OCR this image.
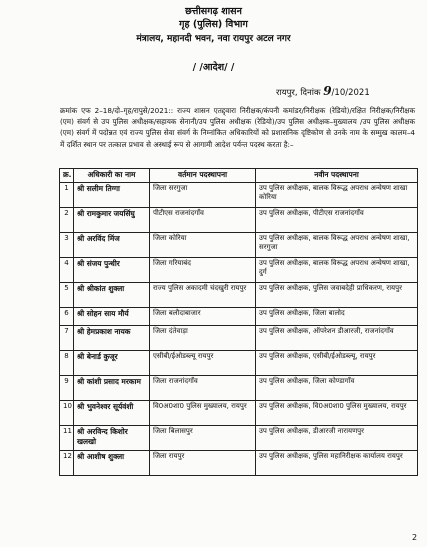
छत्तीसगढ़ शासन
गृह (पुलिस) विभाग
मंत्रालय, महानदी भवन, नवा रायपुर अटल नगर
/ /आदेश/ /
रायपुर, दिनांक 9/10/2021
क्रमांक एफ 2–18/दो–गृह/रापुसे/2021:: राज्य शासन एतद्द्वारा निरीक्षक/कंपनी कमांडर/निरीक्षक (रेडियो)/रक्षित निरीक्षक/निरीक्षक (एम) संवर्ग से उप पुलिस अधीक्षक/सहायक सेनानी/उप पुलिस अधीक्षक (रेडियो)/उप पुलिस अधीक्षक–मुख्यालय /उप पुलिस अधीक्षक (एम) संवर्ग में पदोन्नत एवं राज्य पुलिस सेवा संवर्ग के निम्नांकित अधिकारियों को प्रशासनिक दृष्टिकोण से उनके नाम के सम्मुख कालम–4 में दर्शित स्थान पर तत्काल प्रभाव से अस्थाई रूप से आगामी आदेश पर्यन्त पदस्थ करता है:–
क्र.	अधिकारी का नाम	वर्तमान पदस्थापना	नवीन पदस्थापना
1	श्री सलीम तिग्गा	जिला सरगुजा	उप पुलिस अधीक्षक, बालक विरूद्ध अपराध अन्वेषण शाखा कोरिया
2	श्री रामकुमार जयसिंघु	पीटीएस राजनांदगाँव	उप पुलिस अधीक्षक, पीटीएस राजनांदगाँव
3	श्री अरविंद मिंज	जिला कोरिया	उप पुलिस अधीक्षक, बालक विरूद्ध अपराध अन्वेषण शाखा, सरगुजा
4	श्री संजय पुन्धीर	जिला गरियाबंद	उप पुलिस अधीक्षक, बालक विरूद्ध अपराध अन्वेषण शाखा, दुर्ग
5	श्री श्रीकांत शुक्ला	राज्य पुलिस अकादमी चंदखुरी रायपुर	उप पुलिस अधीक्षक, पुलिस जवाबदेही प्राधिकरण, रायपुर
6	श्री सोहन साय मौर्य	जिला बलौदाबाजार	उप पुलिस अधीक्षक, जिला बालोद
7	श्री हेमप्रकाश नायक	जिला दंतेवाड़ा	उप पुलिस अधीक्षक, ऑपरेशन डीआरजी, राजनांदगाँव
8	श्री बेनार्ड कुजूर	एसीबी/ईओडब्ल्यू रायपुर	उप पुलिस अधीक्षक, एसीबी/ईओडब्ल्यू, रायपुर
9	श्री कांशी प्रसाद मरकाम	जिला राजनांदगाँव	उप पुलिस अधीक्षक, जिला कोण्डागाँव
10	श्री भुवनेश्वर सूर्यवंशी	वि0अ0शा0 पुलिस मुख्यालय, रायपुर	उप पुलिस अधीक्षक, वि0अ0शा0 पुलिस मुख्यालय, रायपुर
11	श्री अरविन्द किशोर खलखो	जिला बिलासपुर	उप पुलिस अधीक्षक, डीआरजी नारायणपुर
12	श्री आशीष शुक्ला	जिला रायपुर	उप पुलिस अधीक्षक, पुलिस महानिरीक्षक कार्यालय रायपुर
2
